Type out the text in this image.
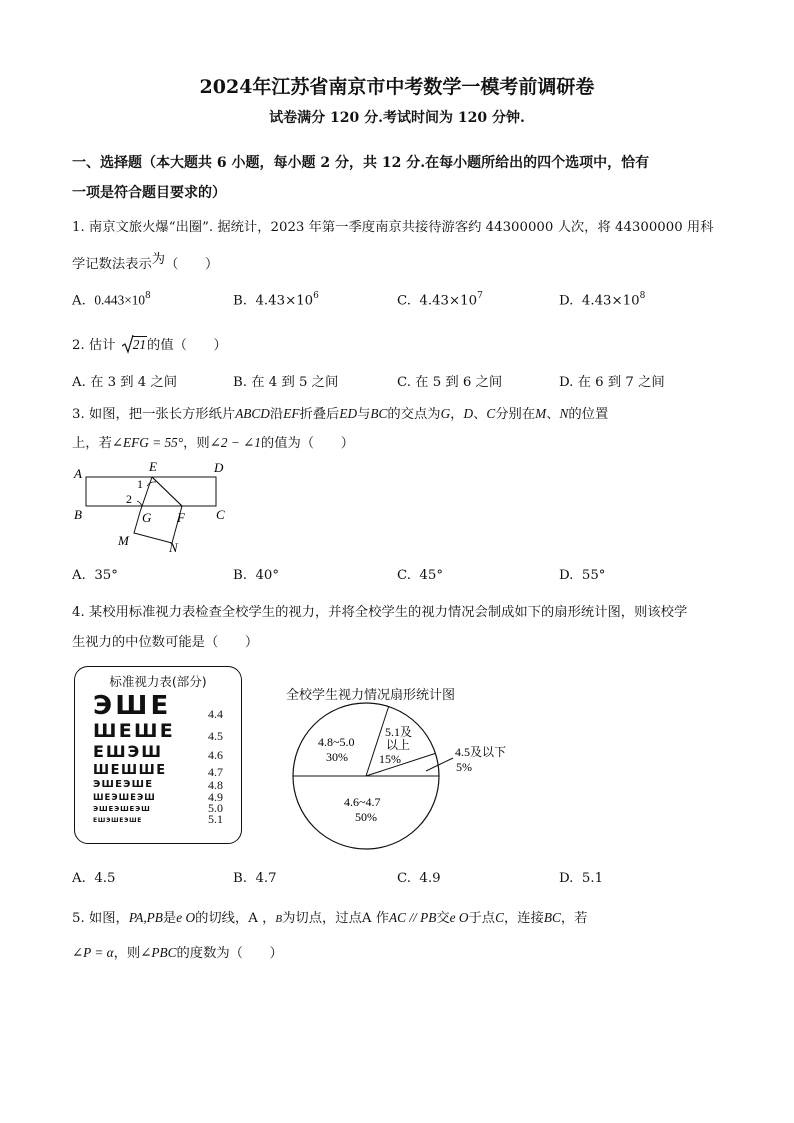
2024年江苏省南京市中考数学一模考前调研卷
试卷满分 120 分.考试时间为 120 分钟.
一、选择题（本大题共 6 小题，每小题 2 分，共 12 分.在每小题所给出的四个选项中，恰有
一项是符合题目要求的）
1. 南京文旅火爆“出圈”. 据统计，2023 年第一季度南京共接待游客约 44300000 人次，将 44300000 用科
学记数法表示为（　　）
A. $0.443\times 10^8$	B. $4.43\times 10^6$	C. $4.43\times 10^7$	D. $4.43\times 10^8$
2. 估计 21的值（　　）
A. 在 3 到 4 之间	B. 在 4 到 5 之间	C. 在 5 到 6 之间	D. 在 6 到 7 之间
3. 如图，把一张长方形纸片ABCD沿EF折叠后ED与BC的交点为G，D、C分别在M、N的位置
上，若∠EFG = 55°，则∠2 − ∠1的值为（　　）
A
B	C
D
E
F
G
M	N
1
2
A. 35°	B. 40°	C. 45°	D. 55°
4. 某校用标准视力表检查全校学生的视力，并将全校学生的视力情况会制成如下的扇形统计图，则该校学
生视力的中位数可能是（　　）
标准视力表(部分)
ЭШЕ	4.4
ШЕШЕ	4.5
ЕШЭШ	4.6
ШЕШШЕ	4.7
ЭШЕЭШЕ	4.8
ШЕЭШЕЭШ	4.9
ЭШЕЭШЕЭШ	5.0
ЕШЭШЕЭШЕ	5.1
全校学生视力情况扇形统计图
4.8~5.0
30%
5.1及
以上
15%	4.5及以下
5%
4.6~4.7
50%
A. 4.5	B. 4.7	C. 4.9	D. 5.1
5. 如图，PA,PB是e O的切线，A ，B为切点，过点A 作AC // PB交e O于点C，连接BC，若
∠P = α，则∠PBC的度数为（　　）
